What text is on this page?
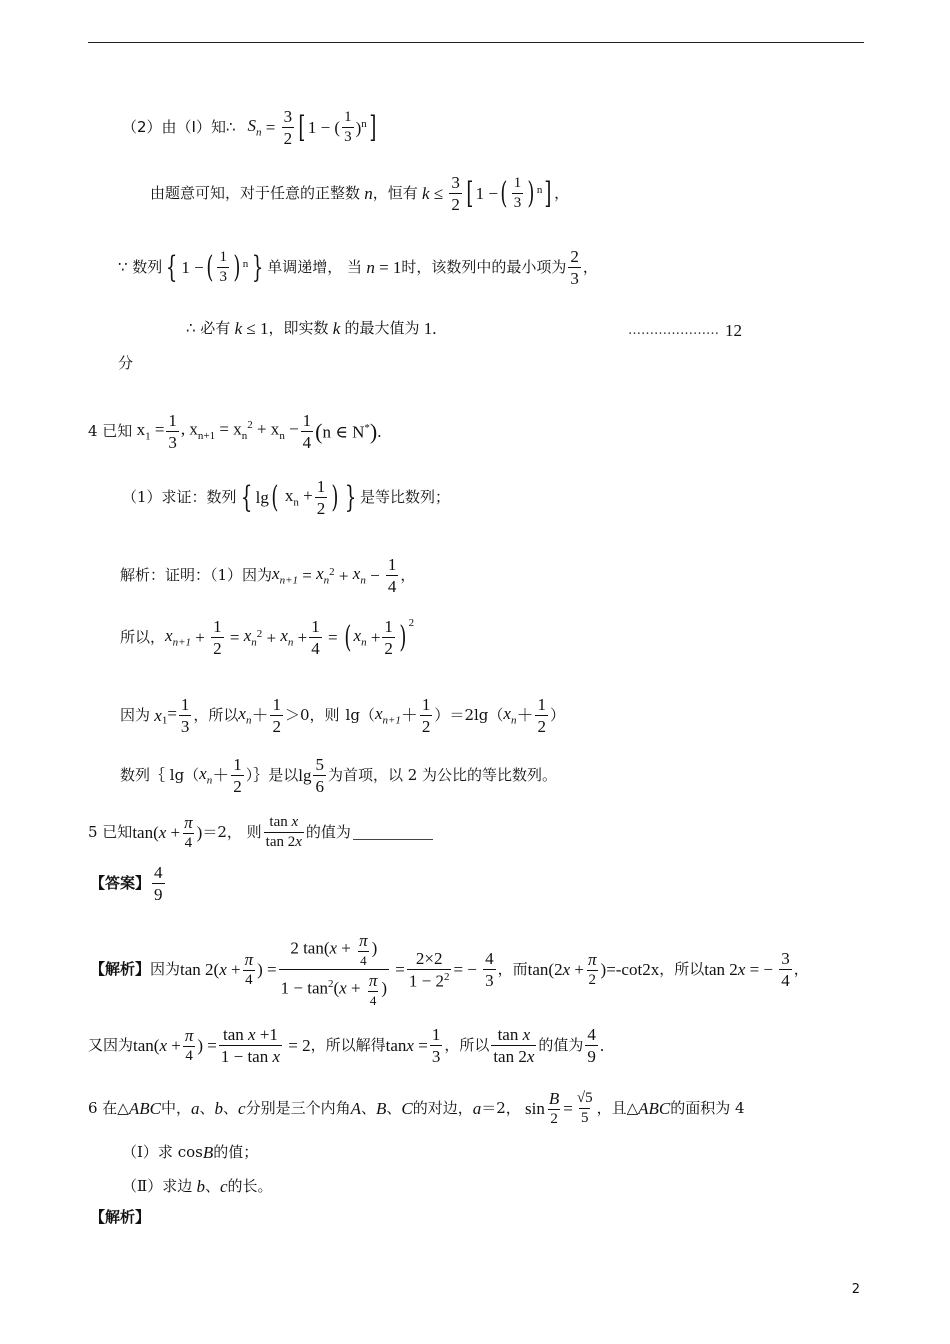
（2）由（Ⅰ）知∴ $S_n = \frac{3}{2}$ [ 1 − ( $\frac{1}{3} )^n$ ]
由题意可知，对于任意的正整数 n ，恒有 $k \le \frac{3}{2}$ [ 1 − ( $\frac{1}{3}$ ) $^n$ ] ，
∵ 数列 { 1 − ( $\frac{1}{3}$ ) $^n$ } 单调递增， 当 n = 1 时，该数列中的最小项为 $\frac{2}{3}$ ，
∴ 必有 k ≤ 1 ，即实数 k 的最大值为
1.	………………… 12
分
4 已知 $x_1 = \frac{1}{3}$ , $x_{n+1} = x_n^2 + x_n - \frac{1}{4}$ ( n ∈ N* ) .
（1）求证：数列 { lg ( $x_n + \frac{1}{2}$ ) } 是等比数列；
解析：证明：（1）因为 $x_{n+1} = x_n$
$^2 + x_n - \frac{1}{4}$ ，
所以， $x_{n+1} + \frac{1}{2} = x_n$
$^2 + x_n + \frac{1}{4}$ = ( $x_n + \frac{1}{2}$ ) $^2$
因为 x $_1= \frac{1}{3}$ ，所以 $x_n + \frac{1}{2} >0$ ，则 lg（ $x_{n+1} + \frac{1}{2}$ ） ＝2lg（ $x_n + \frac{1}{2}$ ）
数列｛ lg（ $x_n + \frac{1}{2}$ ）｝是以 $\lg \frac{5}{6}$ 为首项，以 2 为公比的等比数列。
5 已知 tan( $x + \frac{\pi}{4}$ ) ＝2， 则 $\frac{\text{tan x}}{\tan 2x}$ 的值为
【答案】 $\frac{4}{9}$
【解析】 因为 tan 2( $x + \frac{\pi}{4}$ ) = $\frac{2 \tan(x + \frac{\pi}{4} )}{1 - \tan^2(x + \frac{\pi}{4} )} = \frac{2\times 2}{1 - 2^2}$ = − $\frac{4}{3}$ ，而 tan(2 $x + \frac{\pi}{2}$ ) =-cot2x ，所以 tan 2 x = − $\frac{3}{4}$ ，
又因为 tan( $x + \frac{\pi}{4}$ ) = $\frac{\text{tan x +1}}{\text{1 − tan x}} = 2$ ，所以解得 $\tan x = \frac{1}{3}$ ，所以 $\frac{\text{tan x}}{\tan 2x}$ 的值为 $\frac{4}{9}$ .
6 在△ ABC 中， a 、 b 、 c 分别是三个内角 A 、 B 、 C 的对边， a ＝2， $\sin \frac{B}{2} = \frac{√5}{5}$ ，且△ ABC 的面积为 4
（Ⅰ）求 cos B 的值；
（Ⅱ）求边
b 、 c 的长。
【解析】
2
